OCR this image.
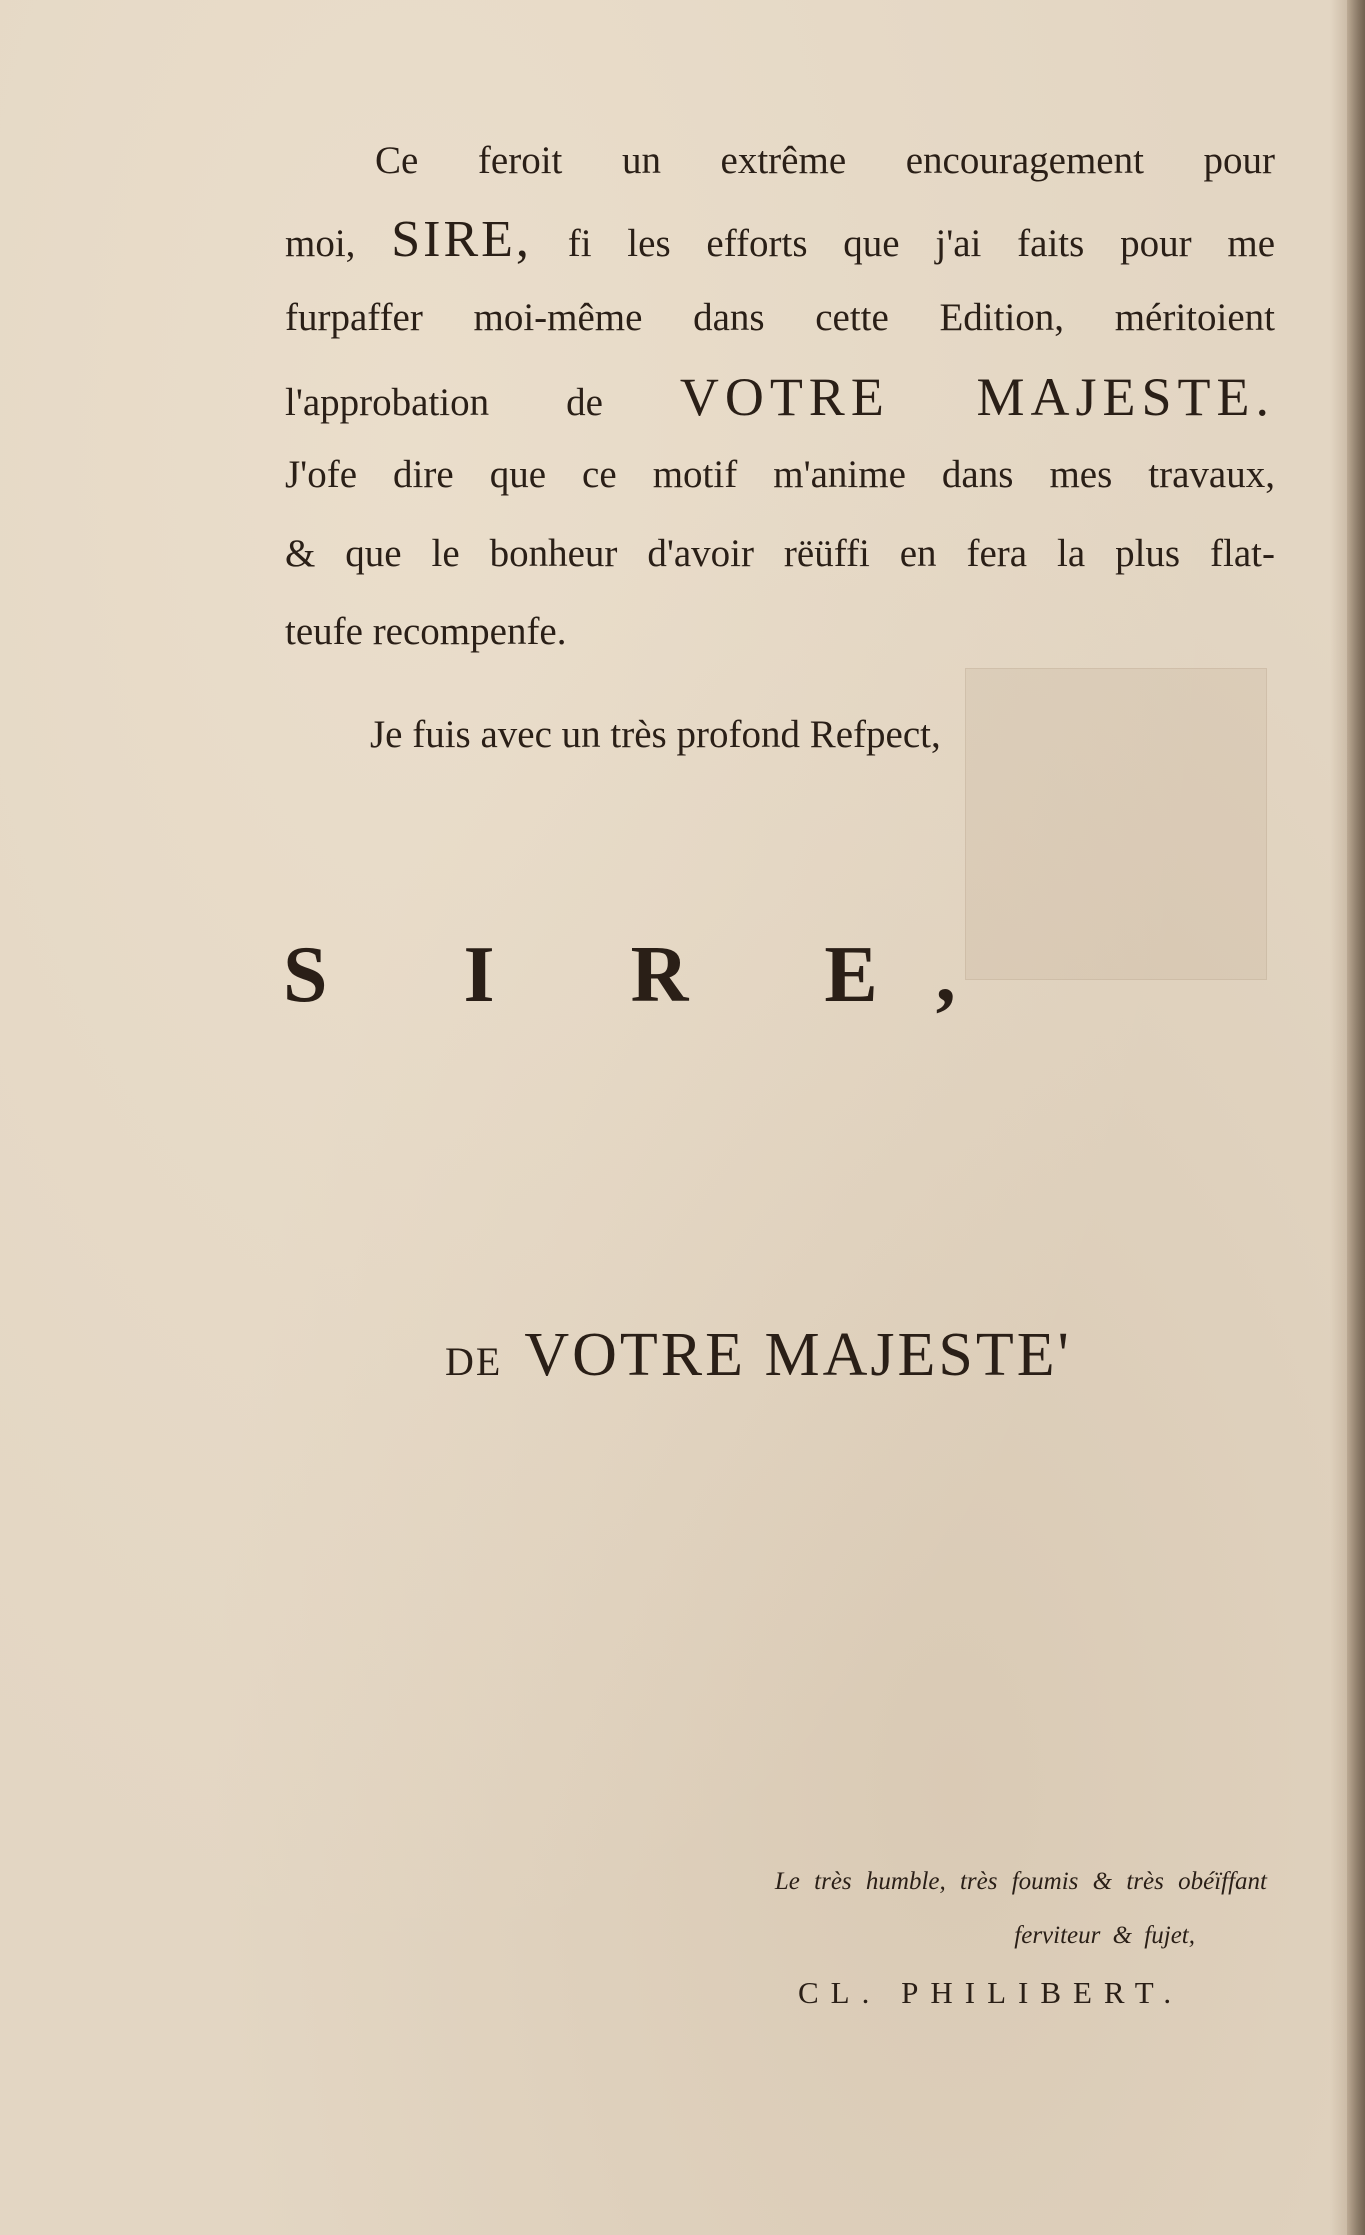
Ce feroit un extrême encouragement pour
moi, SIRE, fi les efforts que j'ai faits pour me
furpaffer moi-même dans cette Edition, méritoient
l'approbation de VOTRE MAJESTE.
J'ofe dire que ce motif m'anime dans mes travaux,
& que le bonheur d'avoir rëüffi en fera la plus flat-
teufe recompenfe.
Je fuis avec un très profond Refpect,
S I R E,
DE VOTRE MAJESTE'
Le très humble, très foumis & très obéïffant
ferviteur & fujet,
CL. PHILIBERT.
